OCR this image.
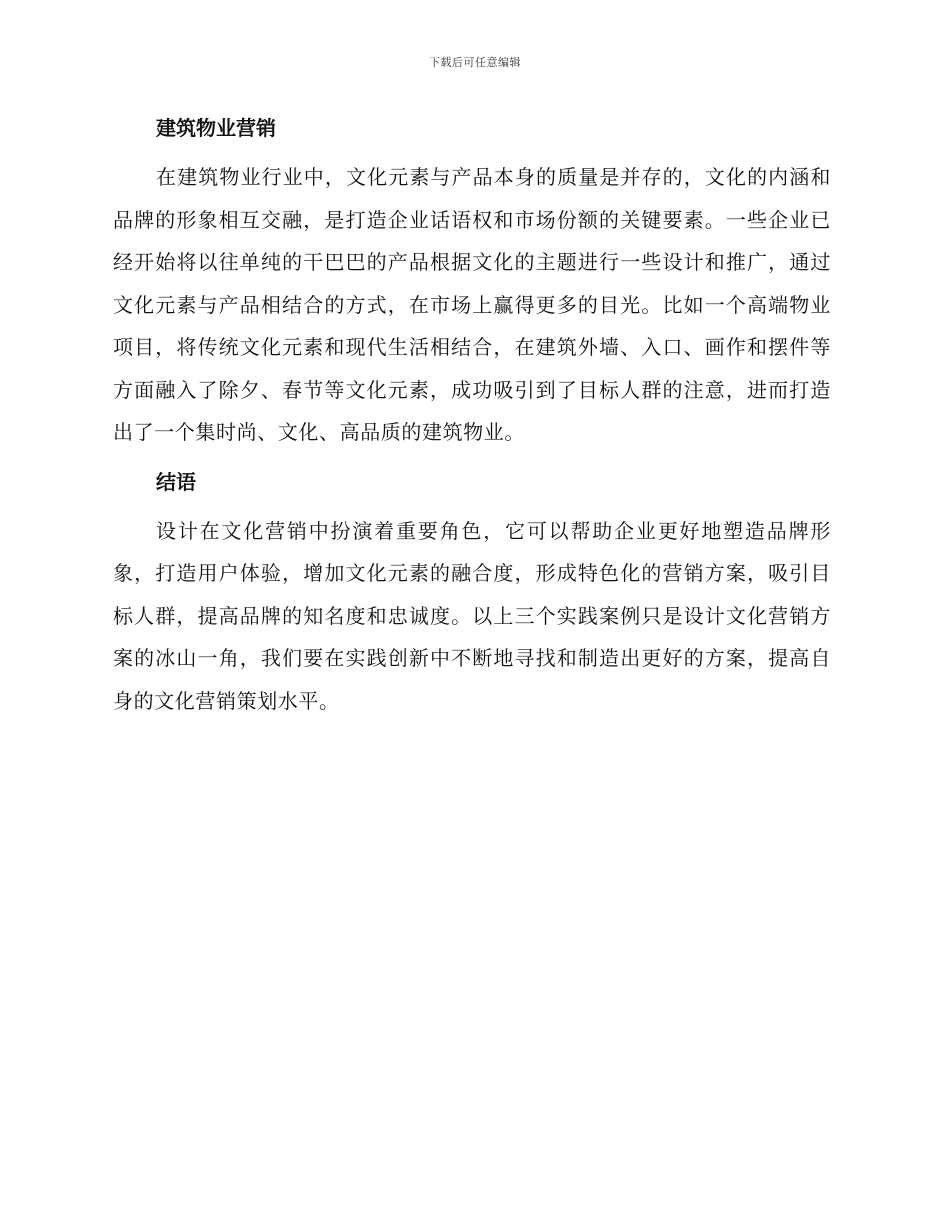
下载后可任意编辑
建筑物业营销

在建筑物业行业中，文化元素与产品本身的质量是并存的，文化的内涵和品牌的形象相互交融，是打造企业话语权和市场份额的关键要素。一些企业已经开始将以往单纯的干巴巴的产品根据文化的主题进行一些设计和推广，通过文化元素与产品相结合的方式，在市场上赢得更多的目光。比如一个高端物业项目，将传统文化元素和现代生活相结合，在建筑外墙、入口、画作和摆件等方面融入了除夕、春节等文化元素，成功吸引到了目标人群的注意，进而打造出了一个集时尚、文化、高品质的建筑物业。

结语

设计在文化营销中扮演着重要角色，它可以帮助企业更好地塑造品牌形象，打造用户体验，增加文化元素的融合度，形成特色化的营销方案，吸引目标人群，提高品牌的知名度和忠诚度。以上三个实践案例只是设计文化营销方案的冰山一角，我们要在实践创新中不断地寻找和制造出更好的方案，提高自身的文化营销策划水平。
